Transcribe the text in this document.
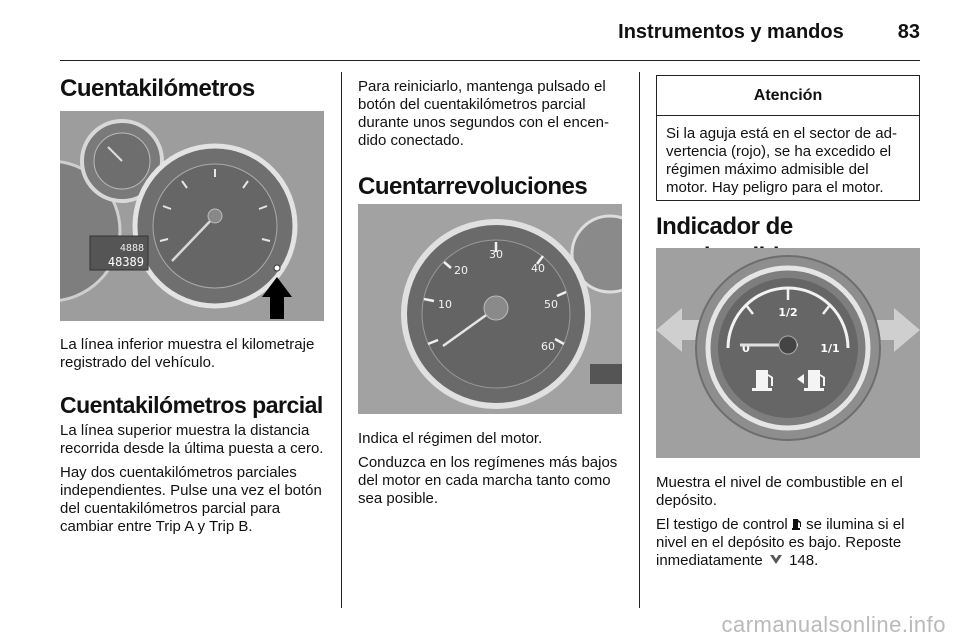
Instrumentos y mandos	83
Cuentakilómetros
4888
48389

La línea inferior muestra el kilometraje registrado del vehículo.

Cuentakilómetros parcial

La línea superior muestra la distancia recorrida desde la última puesta a cero.

Hay dos cuentakilómetros parciales independientes. Pulse una vez el botón del cuentakilómetros parcial para cambiar entre Trip A y Trip B.

Para reiniciarlo, mantenga pulsado el botón del cuentakilómetros parcial durante unos segundos con el encendido conectado.

Cuentarrevoluciones
10
20
30
40
50
60

Indica el régimen del motor.

Conduzca en los regímenes más bajos del motor en cada marcha tanto como sea posible.

Atención
Si la aguja está en el sector de advertencia (rojo), se ha excedido el régimen máximo admisible del motor. Hay peligro para el motor.
Indicador de
1/2
0	1/1

Muestra el nivel de combustible en el depósito.

El testigo de control se ilumina si el nivel en el depósito es bajo. Reposte inmediatamente 148.

carmanualsonline.info
